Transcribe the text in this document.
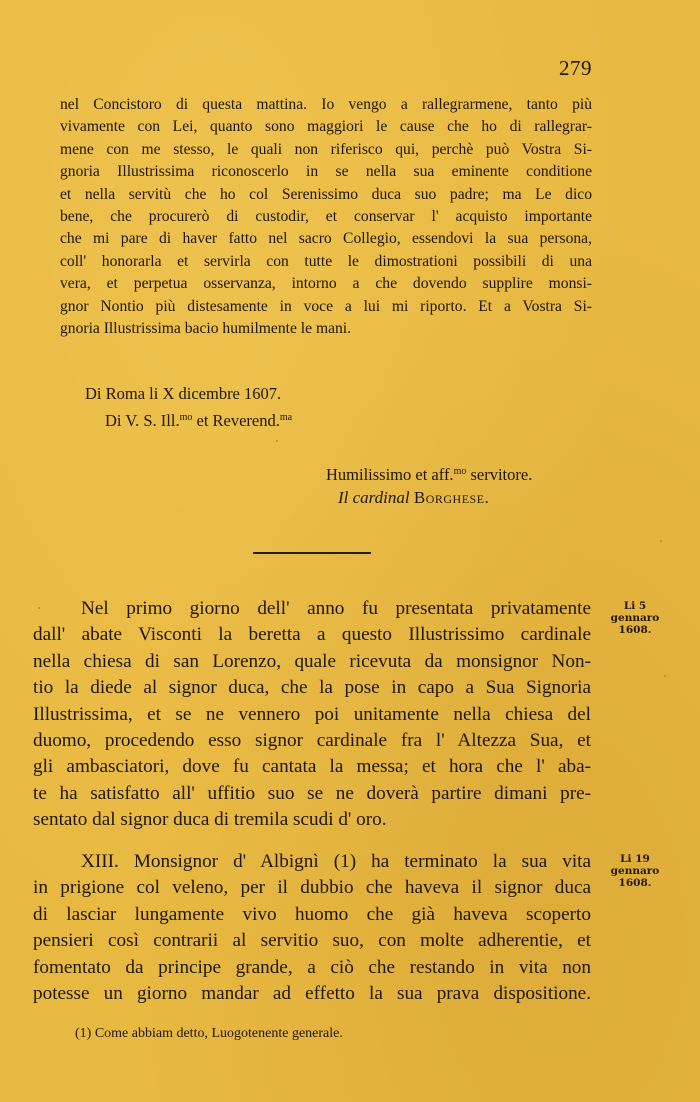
279
nel Concistoro di questa mattina. Io vengo a rallegrarmene, tanto più
vivamente con Lei, quanto sono maggiori le cause che ho di rallegrar-
mene con me stesso, le quali non riferisco qui, perchè può Vostra Si-
gnoria Illustrissima riconoscerlo in se nella sua eminente conditione
et nella servitù che ho col Serenissimo duca suo padre; ma Le dico
bene, che procurerò di custodir, et conservar l' acquisto importante
che mi pare di haver fatto nel sacro Collegio, essendovi la sua persona,
coll' honorarla et servirla con tutte le dimostrationi possibili di una
vera, et perpetua osservanza, intorno a che dovendo supplire monsi-
gnor Nontio più distesamente in voce a lui mi riporto. Et a Vostra Si-
gnoria Illustrissima bacio humilmente le mani.
Di Roma li X dicembre 1607.
Di V. S. Ill.$^{mo}$ et Reverend.$^{ma}$
Humilissimo et aff.$^{mo}$ servitore.
Il cardinal Borghese.
Nel primo giorno dell' anno fu presentata privatamente
dall' abate Visconti la beretta a questo Illustrissimo cardinale
nella chiesa di san Lorenzo, quale ricevuta da monsignor Non-
tio la diede al signor duca, che la pose in capo a Sua Signoria
Illustrissima, et se ne vennero poi unitamente nella chiesa del
duomo, procedendo esso signor cardinale fra l' Altezza Sua, et
gli ambasciatori, dove fu cantata la messa; et hora che l' aba-
te ha satisfatto all' uffitio suo se ne doverà partire dimani pre-
sentato dal signor duca di tremila scudi d' oro.
XIII. Monsignor d' Albignì (1) ha terminato la sua vita
in prigione col veleno, per il dubbio che haveva il signor duca
di lasciar lungamente vivo huomo che già haveva scoperto
pensieri così contrarii al servitio suo, con molte adherentie, et
fomentato da principe grande, a ciò che restando in vita non
potesse un giorno mandar ad effetto la sua prava dispositione.
Li 5
gennaro
1608.
Li 19
gennaro
1608.
(1) Come abbiam detto, Luogotenente generale.
